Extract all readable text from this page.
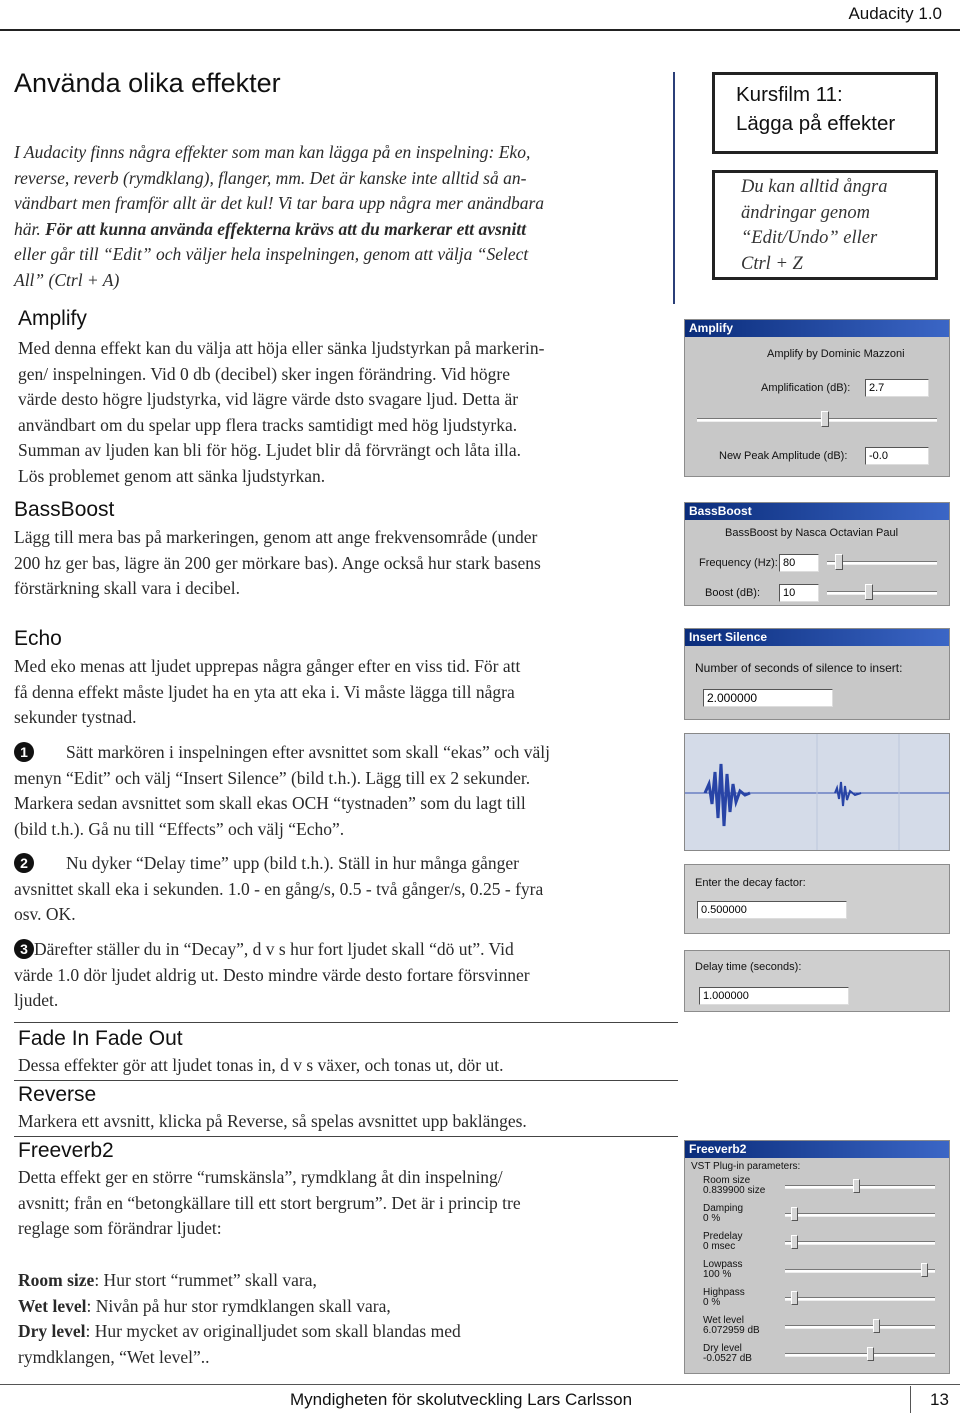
Audacity 1.0
Använda olika effekter
I Audacity finns några effekter som man kan lägga på en inspelning: Eko,
reverse, reverb (rymdklang), flanger, mm. Det är kanske inte alltid så an-
vändbart men framför allt är det kul! Vi tar bara upp några mer anändbara
här. För att kunna använda effekterna krävs att du markerar ett avsnitt
eller går till “Edit” och väljer hela inspelningen, genom att välja “Select
All” (Ctrl + A)
Kursfilm 11:
Lägga på effekter
Du kan alltid ångra
ändringar genom
“Edit/Undo” eller
Ctrl + Z
Amplify
Med denna effekt kan du välja att höja eller sänka ljudstyrkan på markerin-
gen/ inspelningen. Vid 0 db (decibel) sker ingen förändring. Vid högre
värde desto högre ljudstyrka, vid lägre värde dsto svagare ljud. Detta är
användbart om du spelar upp flera tracks samtidigt med hög ljudstyrka.
Summan av ljuden kan bli för hög. Ljudet blir då förvrängt och låta illa.
Lös problemet genom att sänka ljudstyrkan.
Amplify
Amplify by Dominic Mazzoni
Amplification (dB):	2.7
New Peak Amplitude (dB):	-0.0
BassBoost
Lägg till mera bas på markeringen, genom att ange frekvensområde (under
200 hz ger bas, lägre än 200 ger mörkare bas). Ange också hur stark basens
förstärkning skall vara i decibel.
BassBoost
BassBoost by Nasca Octavian Paul
Frequency (Hz): 80
Boost (dB):	10
Echo
Med eko menas att ljudet upprepas några gånger efter en viss tid. För att
få denna effekt måste ljudet ha en yta att eka i. Vi måste lägga till några
sekunder tystnad.
1 Sätt markören i inspelningen efter avsnittet som skall “ekas” och välj
menyn “Edit” och välj “Insert Silence” (bild t.h.). Lägg till ex 2 sekunder.
Markera sedan avsnittet som skall ekas OCH “tystnaden” som du lagt till
(bild t.h.). Gå nu till “Effects” och välj “Echo”.
2 Nu dyker “Delay time” upp (bild t.h.). Ställ in hur många gånger
avsnittet skall eka i sekunden. 1.0 - en gång/s, 0.5 - två gånger/s, 0.25 - fyra
osv. OK.
3 Därefter ställer du in “Decay”, d v s hur fort ljudet skall “dö ut”. Vid
värde 1.0 dör ljudet aldrig ut. Desto mindre värde desto fortare försvinner
ljudet.
Insert Silence
Number of seconds of silence to insert:
2.000000
Enter the decay factor:
0.500000
Delay time (seconds):
1.000000
Fade In Fade Out
Dessa effekter gör att ljudet tonas in, d v s växer, och tonas ut, dör ut.
Reverse
Markera ett avsnitt, klicka på Reverse, så spelas avsnittet upp baklänges.
Freeverb2
Detta effekt ger en större “rumskänsla”, rymdklang åt din inspelning/
avsnitt; från en “betongkällare till ett stort bergrum”. Det är i princip tre
reglage som förändrar ljudet:
Room size: Hur stort “rummet” skall vara,
Wet level: Nivån på hur stor rymdklangen skall vara,
Dry level: Hur mycket av originalljudet som skall blandas med
rymdklangen, “Wet level”..
Freeverb2
VST Plug-in parameters:
Room size
0.839900 size
Damping
0 %
Predelay
0 msec
Lowpass
100 %
Highpass
0 %
Wet level
6.072959 dB
Dry level
-0.0527 dB
Myndigheten för skolutveckling Lars Carlsson	13
